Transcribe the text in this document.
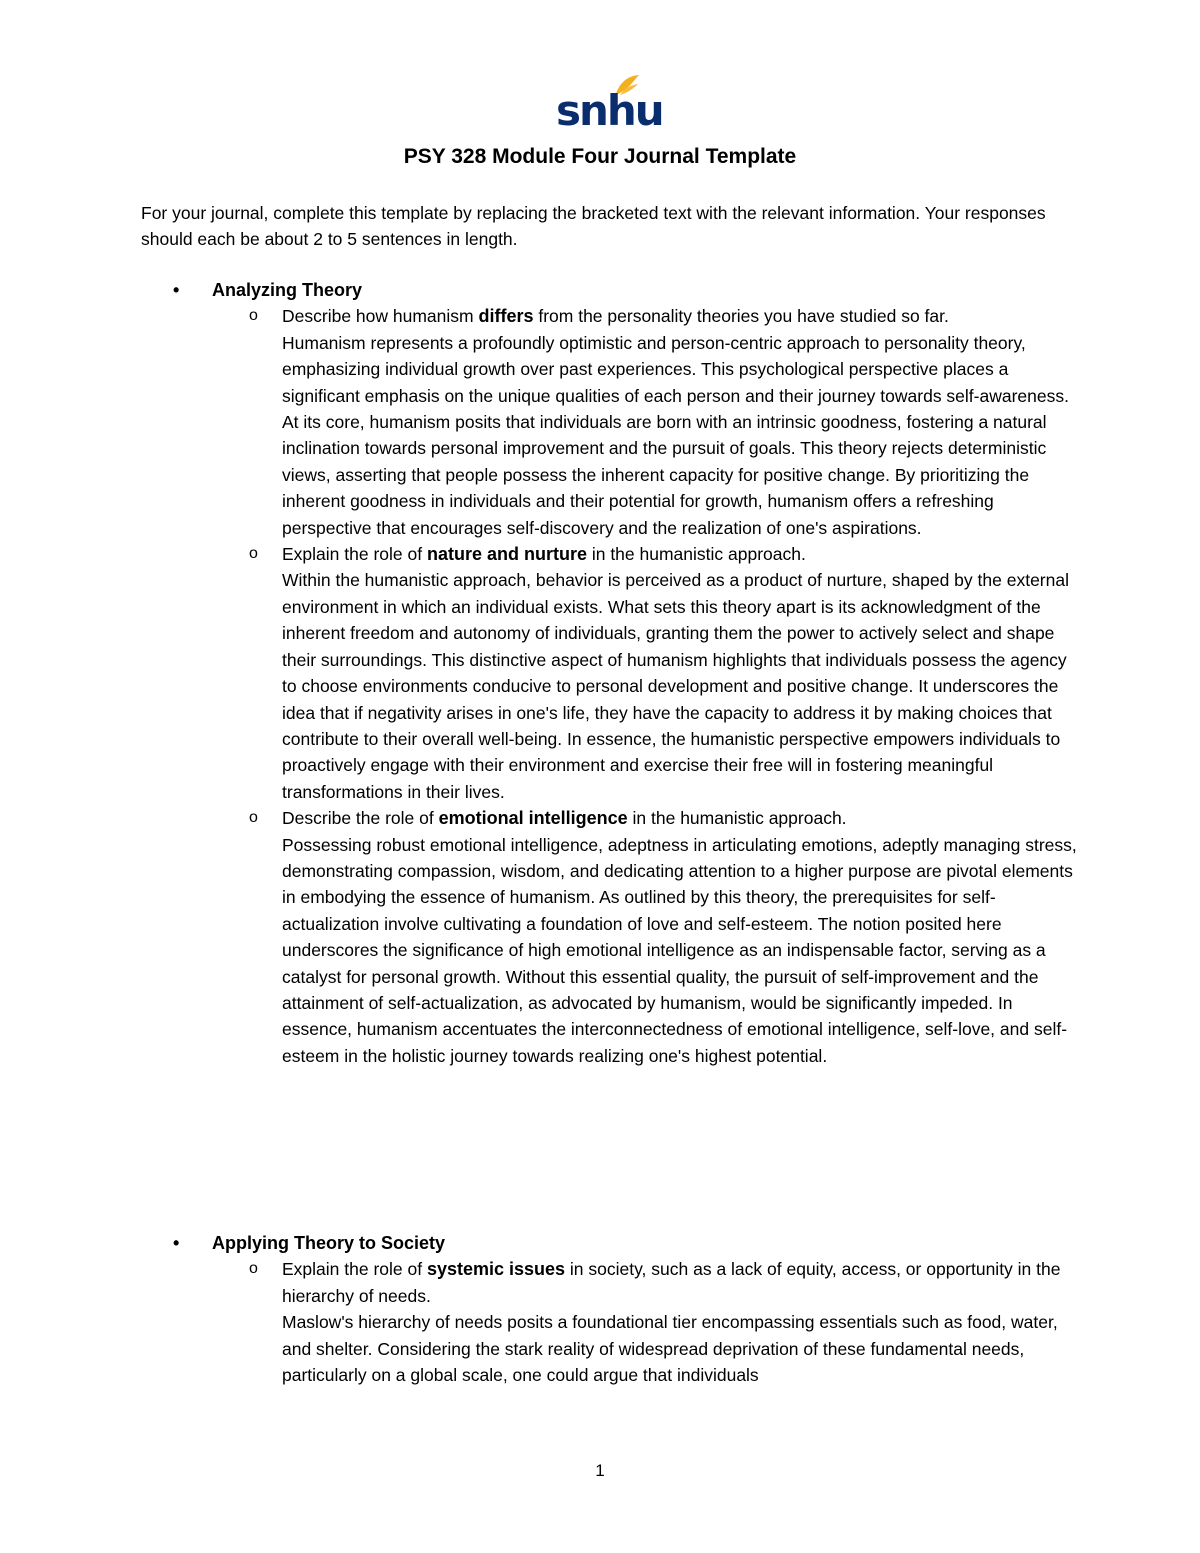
snhu
PSY 328 Module Four Journal Template
For your journal, complete this template by replacing the bracketed text with the relevant information. Your responses should each be about 2 to 5 sentences in length.
• Analyzing Theory
o Describe how humanism differs from the personality theories you have studied so far.
Humanism represents a profoundly optimistic and person-centric approach to personality theory, emphasizing individual growth over past experiences. This psychological perspective places a significant emphasis on the unique qualities of each person and their journey towards self-awareness. At its core, humanism posits that individuals are born with an intrinsic goodness, fostering a natural inclination towards personal improvement and the pursuit of goals. This theory rejects deterministic views, asserting that people possess the inherent capacity for positive change. By prioritizing the inherent goodness in individuals and their potential for growth, humanism offers a refreshing perspective that encourages self-discovery and the realization of one's aspirations.
o Explain the role of nature and nurture in the humanistic approach.
Within the humanistic approach, behavior is perceived as a product of nurture, shaped by the external environment in which an individual exists. What sets this theory apart is its acknowledgment of the inherent freedom and autonomy of individuals, granting them the power to actively select and shape their surroundings. This distinctive aspect of humanism highlights that individuals possess the agency to choose environments conducive to personal development and positive change. It underscores the idea that if negativity arises in one's life, they have the capacity to address it by making choices that contribute to their overall well-being. In essence, the humanistic perspective empowers individuals to proactively engage with their environment and exercise their free will in fostering meaningful transformations in their lives.
o Describe the role of emotional intelligence in the humanistic approach.
Possessing robust emotional intelligence, adeptness in articulating emotions, adeptly managing stress, demonstrating compassion, wisdom, and dedicating attention to a higher purpose are pivotal elements in embodying the essence of humanism. As outlined by this theory, the prerequisites for self-actualization involve cultivating a foundation of love and self-esteem. The notion posited here underscores the significance of high emotional intelligence as an indispensable factor, serving as a catalyst for personal growth. Without this essential quality, the pursuit of self-improvement and the attainment of self-actualization, as advocated by humanism, would be significantly impeded. In essence, humanism accentuates the interconnectedness of emotional intelligence, self-love, and self-esteem in the holistic journey towards realizing one's highest potential.
• Applying Theory to Society
o Explain the role of systemic issues in society, such as a lack of equity, access, or opportunity in the hierarchy of needs.
Maslow's hierarchy of needs posits a foundational tier encompassing essentials such as food, water, and shelter. Considering the stark reality of widespread deprivation of these fundamental needs, particularly on a global scale, one could argue that individuals
1
